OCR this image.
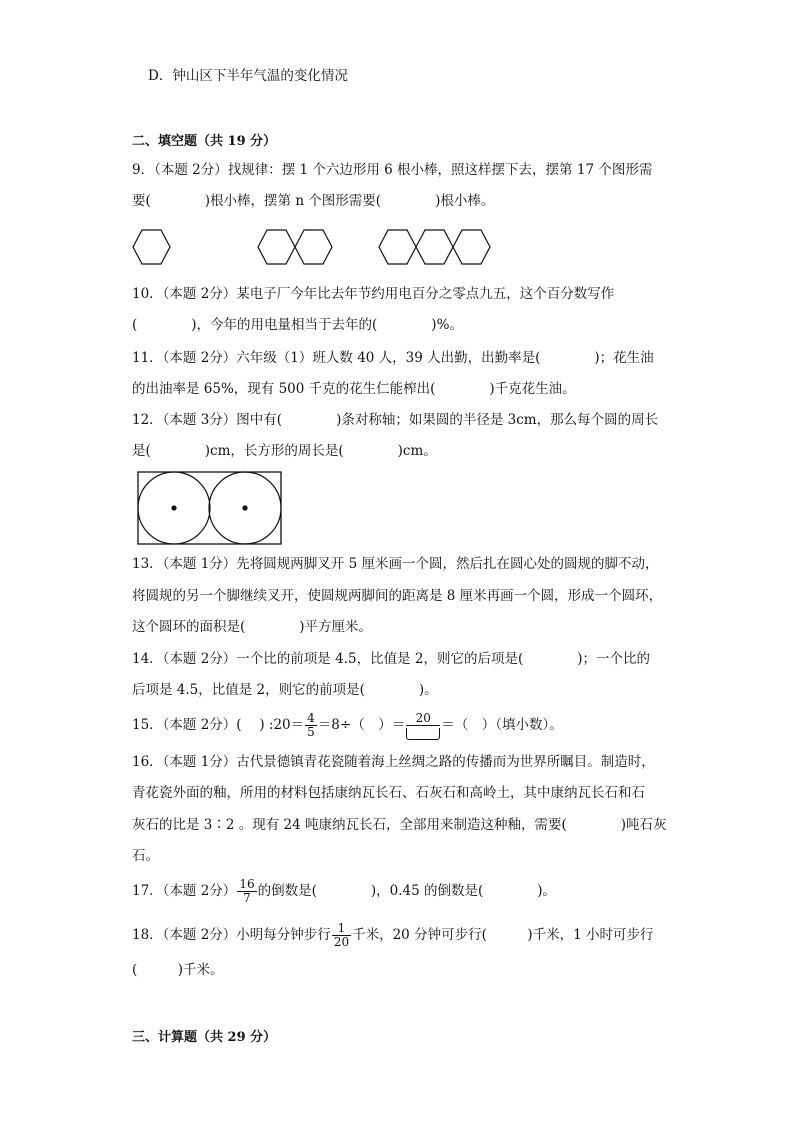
D．钟山区下半年气温的变化情况
二、填空题（共 19 分）
9．（本题 2分）找规律：摆 1 个六边形用 6 根小棒，照这样摆下去，摆第 17 个图形需
要(　　　　)根小棒，摆第 n 个图形需要(　　　　)根小棒。
10．（本题 2分）某电子厂今年比去年节约用电百分之零点九五，这个百分数写作
(　　　　)，今年的用电量相当于去年的(　　　　)%。
11．（本题 2分）六年级（1）班人数 40 人，39 人出勤，出勤率是(　　　　)；花生油
的出油率是 65%，现有 500 千克的花生仁能榨出(　　　　)千克花生油。
12．（本题 3分）图中有(　　　　)条对称轴；如果圆的半径是 3cm，那么每个圆的周长
是(　　　　)cm，长方形的周长是(　　　　)cm。
13．（本题 1分）先将圆规两脚叉开 5 厘米画一个圆，然后扎在圆心处的圆规的脚不动，
将圆规的另一个脚继续叉开，使圆规两脚间的距离是 8 厘米再画一个圆，形成一个圆环，
这个圆环的面积是(　　　　)平方厘米。
14．（本题 2分）一个比的前项是 4.5，比值是 2，则它的后项是(　　　　)；一个比的
后项是 4.5，比值是 2，则它的前项是(　　　　)。
15．（本题 2分）(　 ) :20＝ $\frac{4}{5} =8\div$（　）＝ 20 ＝（　）（填小数）。
16．（本题 1分）古代景德镇青花瓷随着海上丝绸之路的传播而为世界所瞩目。制造时，
青花瓷外面的釉，所用的材料包括康纳瓦长石、石灰石和高岭土，其中康纳瓦长石和石
灰石的比是 3∶2 。现有 24 吨康纳瓦长石，全部用来制造这种釉，需要(　　　　)吨石灰
石。
17．（本题 2分） $\frac{16}{7}$ 的倒数是(　　　　)，0.45 的倒数是(　　　　)。
18．（本题 2分）小明每分钟步行 $\frac{1}{20}$ 千米，20 分钟可步行(　　　)千米，1 小时可步行
(　　　)千米。
三、计算题（共 29 分）
